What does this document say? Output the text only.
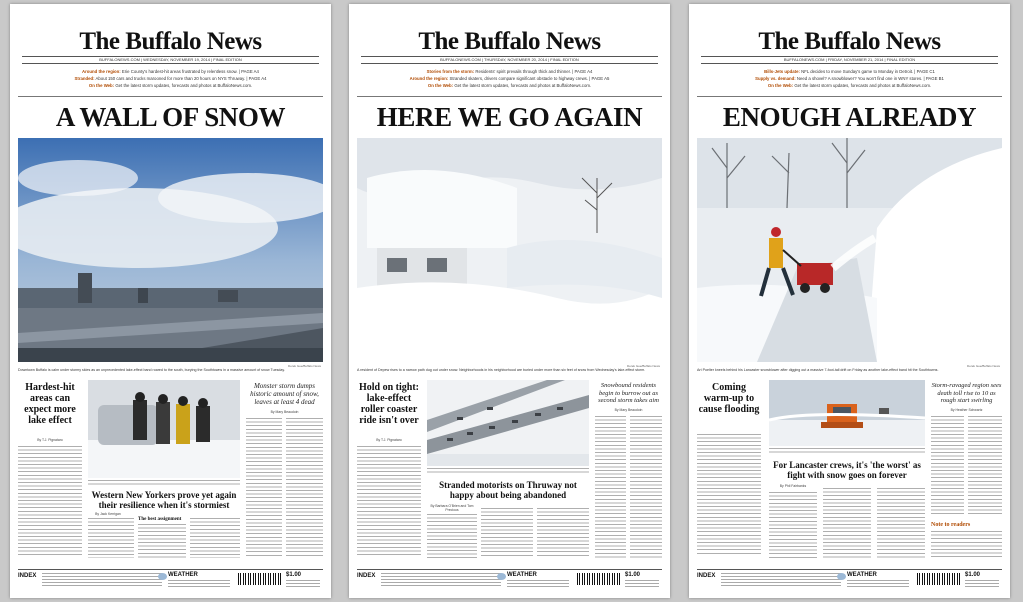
The Buffalo News
BUFFALONEWS.COM | WEDNESDAY, NOVEMBER 19, 2014 | FINAL EDITION
Around the region: Erie County's hardest-hit areas frustrated by relentless snow. | PAGE A4
Stranded: About 150 cars and trucks marooned for more than 20 hours on NYS Thruway. | PAGE A4
On the Web: Get the latest storm updates, forecasts and photos at BuffaloNews.com.
A WALL OF SNOW
Derek Gee/Buffalo News
Downtown Buffalo is calm under stormy skies as an unprecedented lake-effect band roared to the south, burying the Southtowns in a massive amount of snow Tuesday.
Hardest-hit areas can expect more lake effect
By T.J. Pignataro
Western New Yorkers prove yet again their resilience when it's stormiest
By Jack Kerrigan
The best assignment
Monster storm dumps historic amount of snow, leaves at least 4 dead
By Mary Beaudoin
INDEX	WEATHER	$1.00
The Buffalo News
BUFFALONEWS.COM | THURSDAY, NOVEMBER 20, 2014 | FINAL EDITION
Stories from the storm: Residents' spirit prevails through thick and thinner. | PAGE A4
Around the region: Stranded skaters, drivers compare significant obstacle to highway crews. | PAGE A5
On the Web: Get the latest storm updates, forecasts and photos at BuffaloNews.com.
HERE WE GO AGAIN
Derek Gee/Buffalo News
A resident of Depew rises to a narrow path dug out under snow. Neighborhoods in his neighborhood are buried under more than six feet of snow from Wednesday's lake-effect storm.
Hold on tight: lake-effect roller coaster ride isn't over
By T.J. Pignataro
Stranded motorists on Thruway not happy about being abandoned
By Barbara O'Brien and Tom Precious
Snowbound residents begin to burrow out as second storm takes aim
By Mary Beaudoin
INDEX	WEATHER	$1.00
The Buffalo News
BUFFALONEWS.COM | FRIDAY, NOVEMBER 21, 2014 | FINAL EDITION
Bills-Jets update: NFL decides to move Sunday's game to Monday in Detroit. | PAGE C1
Supply vs. demand: Need a shovel? A snowblower? You won't find one in WNY stores. | PAGE B1
On the Web: Get the latest storm updates, forecasts and photos at BuffaloNews.com.
ENOUGH ALREADY
Derek Gee/Buffalo News
Art Poelter kneels behind his Lancaster snowblower after digging out a massive 7-foot-tall drift on Friday as another lake-effect band hit the Southtowns.
Coming warm-up to cause flooding
For Lancaster crews, it's 'the worst' as fight with snow goes on forever
By Phil Fairbanks
Storm-ravaged region sees death toll rise to 10 as rough start swirling
By Heather Schwartz
Note to readers
INDEX	WEATHER	$1.00
